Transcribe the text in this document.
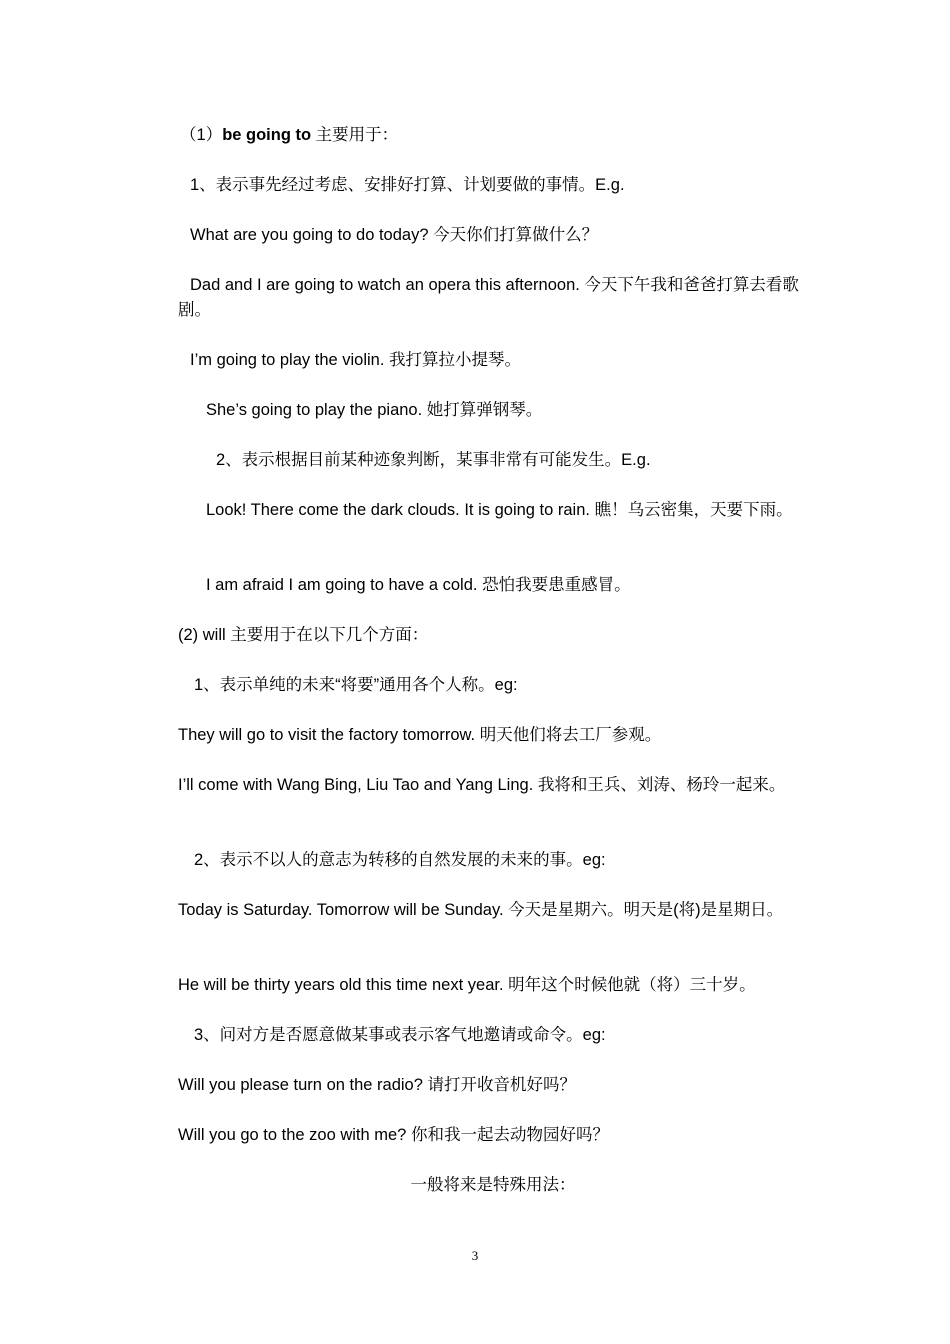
（1）be going to 主要用于：
1、表示事先经过考虑、安排好打算、计划要做的事情。E.g.
What are you going to do today? 今天你们打算做什么？
Dad and I are going to watch an opera this afternoon. 今天下午我和爸爸打算去看歌剧。
I’m going to play the violin. 我打算拉小提琴。
She’s going to play the piano. 她打算弹钢琴。
2、表示根据目前某种迹象判断，某事非常有可能发生。E.g.
Look! There come the dark clouds. It is going to rain. 瞧！乌云密集，天要下雨。
I am afraid I am going to have a cold. 恐怕我要患重感冒。
(2) will 主要用于在以下几个方面：
1、表示单纯的未来“将要”通用各个人称。eg:
They will go to visit the factory tomorrow. 明天他们将去工厂参观。
I’ll come with Wang Bing, Liu Tao and Yang Ling. 我将和王兵、刘涛、杨玲一起来。
2、表示不以人的意志为转移的自然发展的未来的事。eg:
Today is Saturday. Tomorrow will be Sunday. 今天是星期六。明天是(将)是星期日。
He will be thirty years old this time next year. 明年这个时候他就（将）三十岁。
3、问对方是否愿意做某事或表示客气地邀请或命令。eg:
Will you please turn on the radio? 请打开收音机好吗？
Will you go to the zoo with me? 你和我一起去动物园好吗？
一般将来是特殊用法：
3
